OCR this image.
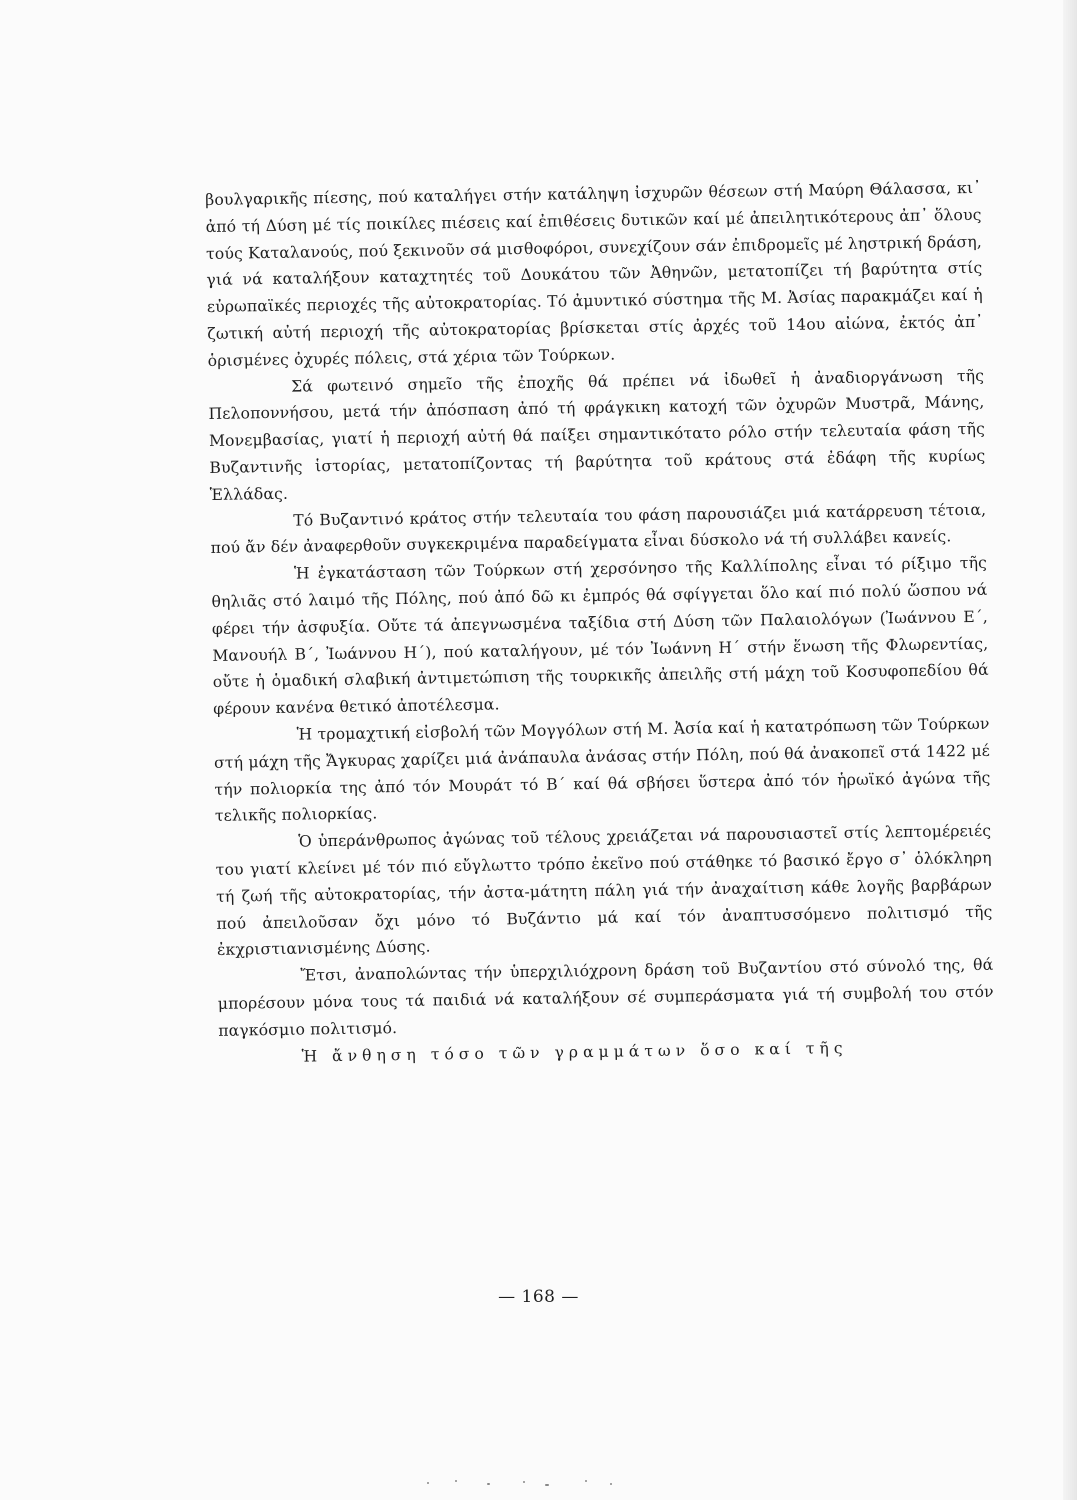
βουλγαρικῆς πίεσης, πού καταλήγει στήν κατάληψη ἰσχυρῶν θέσεων στή Μαύρη Θάλασσα, κι᾿ ἀπό τή Δύση μέ τίς ποικίλες πιέσεις καί ἐπιθέσεις δυτικῶν καί μέ ἀπειλητικότερους ἀπ᾿ ὅλους τούς Καταλανούς, πού ξεκινοῦν σά μισθοφόροι, συνεχίζουν σάν ἐπιδρομεῖς μέ ληστρική δράση, γιά νά καταλήξουν καταχτητές τοῦ Δουκάτου τῶν Ἀθηνῶν, μετατοπίζει τή βαρύτητα στίς εὐρωπαϊκές περιοχές τῆς αὐτοκρατορίας. Τό ἀμυντικό σύστημα τῆς Μ. Ἀσίας παρακμάζει καί ἡ ζωτική αὐτή περιοχή τῆς αὐτοκρατορίας βρίσκεται στίς ἀρχές τοῦ 14ου αἰώνα, ἐκτός ἀπ᾿ ὁρισμένες ὀχυρές πόλεις, στά χέρια τῶν Τούρκων.

Σά φωτεινό σημεῖο τῆς ἐποχῆς θά πρέπει νά ἰδωθεῖ ἡ ἀναδιοργάνωση τῆς Πελοποννήσου, μετά τήν ἀπόσπαση ἀπό τή φράγκικη κατοχή τῶν ὀχυρῶν Μυστρᾶ, Μάνης, Μονεμβασίας, γιατί ἡ περιοχή αὐτή θά παίξει σημαντικότατο ρόλο στήν τελευταία φάση τῆς Βυζαντινῆς ἱστορίας, μετατοπίζοντας τή βαρύτητα τοῦ κράτους στά ἐδάφη τῆς κυρίως Ἑλλάδας.

Τό Βυζαντινό κράτος στήν τελευταία του φάση παρουσιάζει μιά κατάρρευση τέτοια, πού ἄν δέν ἀναφερθοῦν συγκεκριμένα παραδείγματα εἶναι δύσκολο νά τή συλλάβει κανείς.

Ἡ ἐγκατάσταση τῶν Τούρκων στή χερσόνησο τῆς Καλλίπολης εἶναι τό ρίξιμο τῆς θηλιᾶς στό λαιμό τῆς Πόλης, πού ἀπό δῶ κι ἐμπρός θά σφίγγεται ὅλο καί πιό πολύ ὥσπου νά φέρει τήν ἀσφυξία. Οὔτε τά ἀπεγνωσμένα ταξίδια στή Δύση τῶν Παλαιολόγων (Ἰωάννου Ε΄, Μανουήλ Β΄, Ἰωάννου Η΄), πού καταλήγουν, μέ τόν Ἰωάννη Η΄ στήν ἕνωση τῆς Φλωρεντίας, οὔτε ἡ ὁμαδική σλαβική ἀντιμετώπιση τῆς τουρκικῆς ἀπειλῆς στή μάχη τοῦ Κοσυφοπεδίου θά φέρουν κανένα θετικό ἀποτέλεσμα.

Ἡ τρομαχτική εἰσβολή τῶν Μογγόλων στή Μ. Ἀσία καί ἡ κατατρόπωση τῶν Τούρκων στή μάχη τῆς Ἄγκυρας χαρίζει μιά ἀνάπαυλα ἀνάσας στήν Πόλη, πού θά ἀνακοπεῖ στά 1422 μέ τήν πολιορκία της ἀπό τόν Μουράτ τό Β΄ καί θά σβήσει ὕστερα ἀπό τόν ἡρωϊκό ἀγώνα τῆς τελικῆς πολιορκίας.

Ὁ ὑπεράνθρωπος ἀγώνας τοῦ τέλους χρειάζεται νά παρουσιαστεῖ στίς λεπτομέρειές του γιατί κλείνει μέ τόν πιό εὔγλωττο τρόπο ἐκεῖνο πού στάθηκε τό βασικό ἔργο σ᾿ ὁλόκληρη τή ζωή τῆς αὐτοκρατορίας, τήν ἀστα-μάτητη πάλη γιά τήν ἀναχαίτιση κάθε λογῆς βαρβάρων πού ἀπειλοῦσαν ὄχι μόνο τό Βυζάντιο μά καί τόν ἀναπτυσσόμενο πολιτισμό τῆς ἐκχριστιανισμένης Δύσης.

Ἔτσι, ἀναπολώντας τήν ὑπερχιλιόχρονη δράση τοῦ Βυζαντίου στό σύνολό της, θά μπορέσουν μόνα τους τά παιδιά νά καταλήξουν σέ συμπεράσματα γιά τή συμβολή του στόν παγκόσμιο πολιτισμό.

Ἡ ἄνθηση τόσο τῶν γραμμάτων ὅσο καί τῆς

— 168 —
